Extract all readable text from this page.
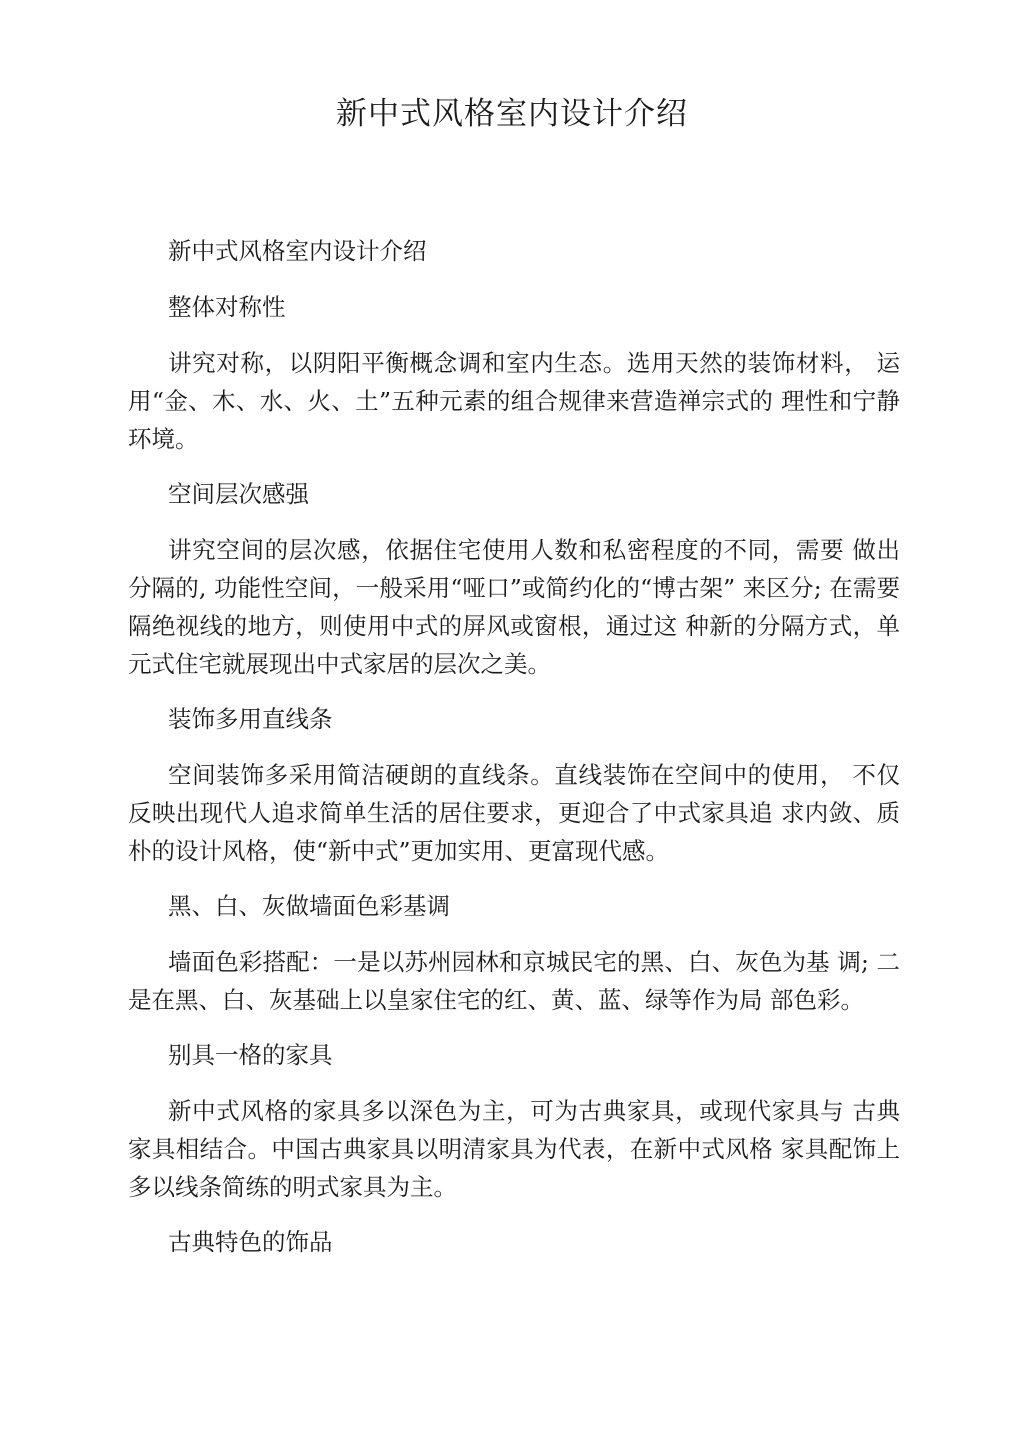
新中式风格室内设计介绍

新中式风格室内设计介绍

整体对称性

讲究对称，以阴阳平衡概念调和室内生态。选用天然的装饰材料， 运用“金、木、水、火、土”五种元素的组合规律来营造禅宗式的 理性和宁静环境。

空间层次感强

讲究空间的层次感，依据住宅使用人数和私密程度的不同，需要 做出分隔的, 功能性空间，一般采用“哑口”或简约化的“博古架” 来区分; 在需要隔绝视线的地方，则使用中式的屏风或窗根，通过这 种新的分隔方式，单元式住宅就展现出中式家居的层次之美。

装饰多用直线条

空间装饰多采用简洁硬朗的直线条。直线装饰在空间中的使用， 不仅反映出现代人追求简单生活的居住要求，更迎合了中式家具追 求内敛、质朴的设计风格，使“新中式”更加实用、更富现代感。

黑、白、灰做墙面色彩基调

墙面色彩搭配：一是以苏州园林和京城民宅的黑、白、灰色为基 调; 二是在黑、白、灰基础上以皇家住宅的红、黄、蓝、绿等作为局 部色彩。

别具一格的家具

新中式风格的家具多以深色为主，可为古典家具，或现代家具与 古典家具相结合。中国古典家具以明清家具为代表，在新中式风格 家具配饰上多以线条简练的明式家具为主。

古典特色的饰品
